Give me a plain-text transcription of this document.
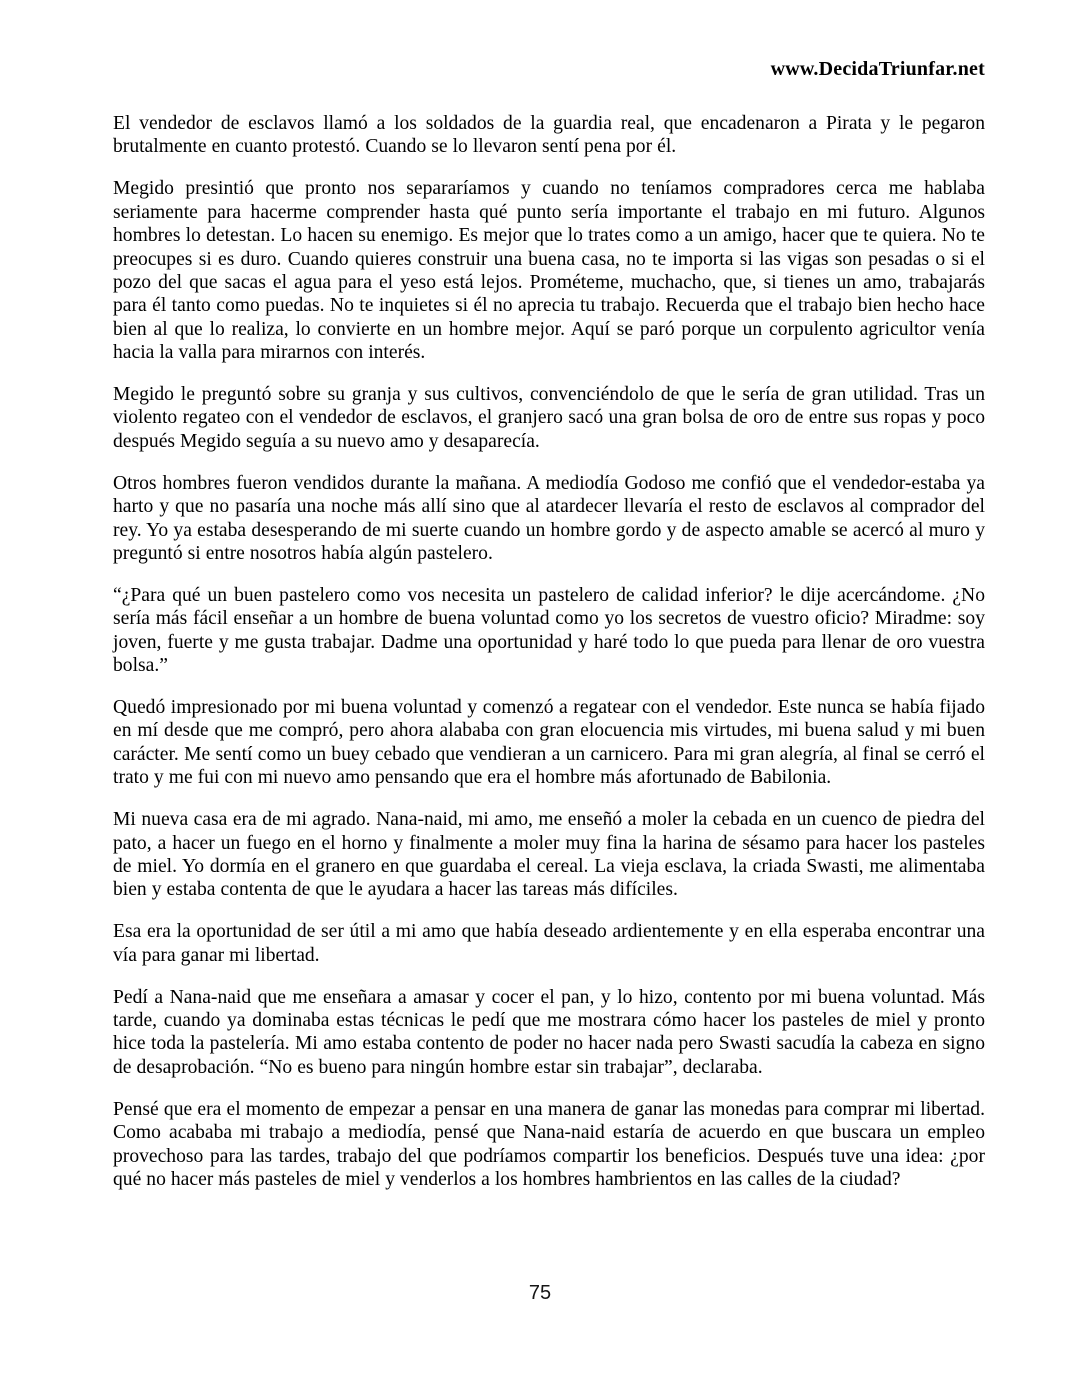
www.DecidaTriunfar.net

El vendedor de esclavos llamó a los soldados de la guardia real, que encadenaron a Pirata y le pegaron brutalmente en cuanto protestó. Cuando se lo llevaron sentí pena por él.

Megido presintió que pronto nos separaríamos y cuando no teníamos compradores cerca me hablaba seriamente para hacerme comprender hasta qué punto sería importante el trabajo en mi futuro. Algunos hombres lo detestan. Lo hacen su enemigo. Es mejor que lo trates como a un amigo, hacer que te quiera. No te preocupes si es duro. Cuando quieres construir una buena casa, no te importa si las vigas son pesadas o si el pozo del que sacas el agua para el yeso está lejos. Prométeme, muchacho, que, si tienes un amo, trabajarás para él tanto como puedas. No te inquietes si él no aprecia tu trabajo. Recuerda que el trabajo bien hecho hace bien al que lo realiza, lo convierte en un hombre mejor. Aquí se paró porque un corpulento agricultor venía hacia la valla para mirarnos con interés.

Megido le preguntó sobre su granja y sus cultivos, convenciéndolo de que le sería de gran utilidad. Tras un violento regateo con el vendedor de esclavos, el granjero sacó una gran bolsa de oro de entre sus ropas y poco después Megido seguía a su nuevo amo y desaparecía.

Otros hombres fueron vendidos durante la mañana. A mediodía Godoso me confió que el vendedor-estaba ya harto y que no pasaría una noche más allí sino que al atardecer llevaría el resto de esclavos al comprador del rey. Yo ya estaba desesperando de mi suerte cuando un hombre gordo y de aspecto amable se acercó al muro y preguntó si entre nosotros había algún pastelero.

“¿Para qué un buen pastelero como vos necesita un pastelero de calidad inferior? le dije acercándome. ¿No sería más fácil enseñar a un hombre de buena voluntad como yo los secretos de vuestro oficio? Miradme: soy joven, fuerte y me gusta trabajar. Dadme una oportunidad y haré todo lo que pueda para llenar de oro vuestra bolsa.”

Quedó impresionado por mi buena voluntad y comenzó a regatear con el vendedor. Este nunca se había fijado en mí desde que me compró, pero ahora alababa con gran elocuencia mis virtudes, mi buena salud y mi buen carácter. Me sentí como un buey cebado que vendieran a un carnicero. Para mi gran alegría, al final se cerró el trato y me fui con mi nuevo amo pensando que era el hombre más afortunado de Babilonia.

Mi nueva casa era de mi agrado. Nana-naid, mi amo, me enseñó a moler la cebada en un cuenco de piedra del pato, a hacer un fuego en el horno y finalmente a moler muy fina la harina de sésamo para hacer los pasteles de miel. Yo dormía en el granero en que guardaba el cereal. La vieja esclava, la criada Swasti, me alimentaba bien y estaba contenta de que le ayudara a hacer las tareas más difíciles.

Esa era la oportunidad de ser útil a mi amo que había deseado ardientemente y en ella esperaba encontrar una vía para ganar mi libertad.

Pedí a Nana-naid que me enseñara a amasar y cocer el pan, y lo hizo, contento por mi buena voluntad. Más tarde, cuando ya dominaba estas técnicas le pedí que me mostrara cómo hacer los pasteles de miel y pronto hice toda la pastelería. Mi amo estaba contento de poder no hacer nada pero Swasti sacudía la cabeza en signo de desaprobación. “No es bueno para ningún hombre estar sin trabajar”, declaraba.

Pensé que era el momento de empezar a pensar en una manera de ganar las monedas para comprar mi libertad. Como acababa mi trabajo a mediodía, pensé que Nana-naid estaría de acuerdo en que buscara un empleo provechoso para las tardes, trabajo del que podríamos compartir los beneficios. Después tuve una idea: ¿por qué no hacer más pasteles de miel y venderlos a los hombres hambrientos en las calles de la ciudad?

75
